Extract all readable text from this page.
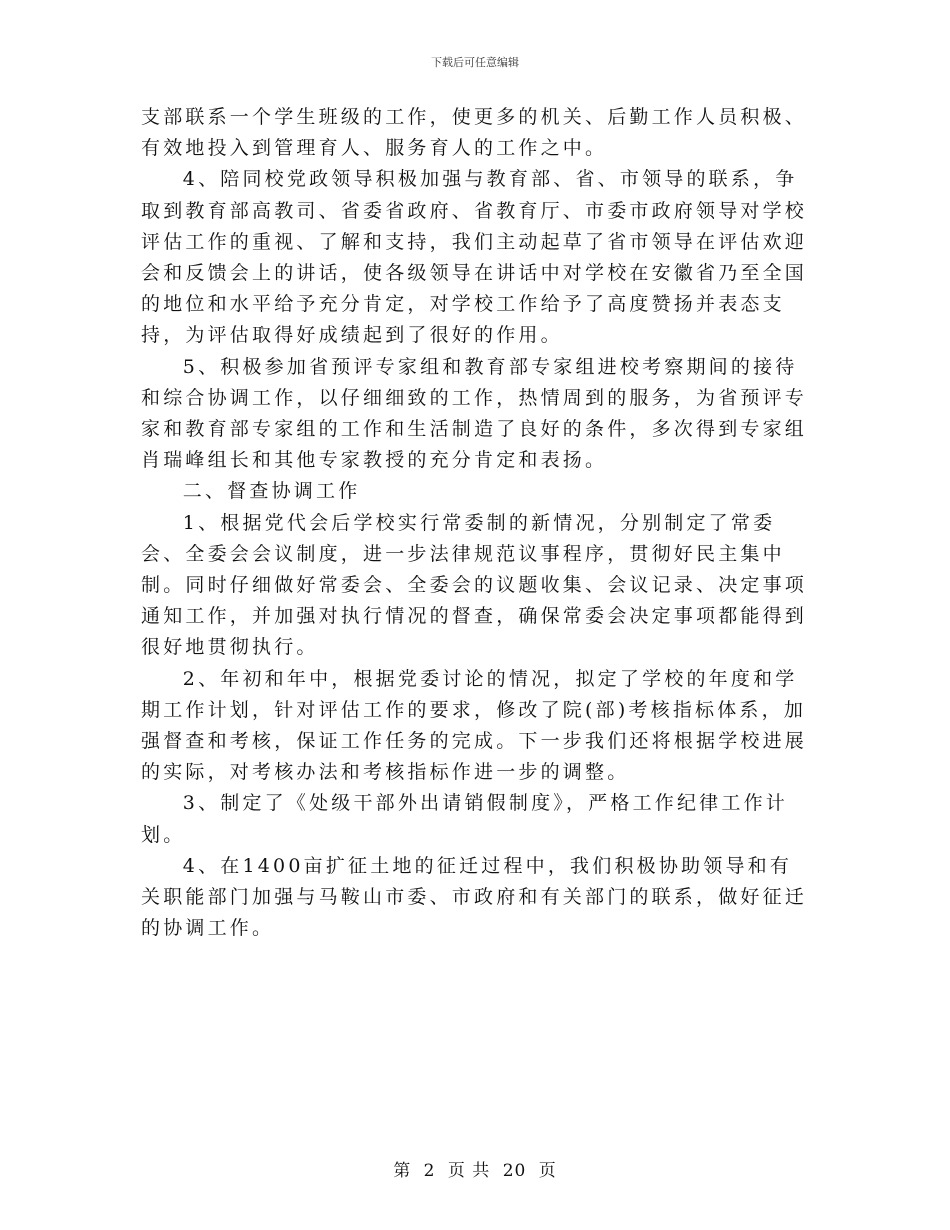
下载后可任意编辑

支部联系一个学生班级的工作，使更多的机关、后勤工作人员积极、有效地投入到管理育人、服务育人的工作之中。

4、陪同校党政领导积极加强与教育部、省、市领导的联系，争取到教育部高教司、省委省政府、省教育厅、市委市政府领导对学校评估工作的重视、了解和支持，我们主动起草了省市领导在评估欢迎会和反馈会上的讲话，使各级领导在讲话中对学校在安徽省乃至全国的地位和水平给予充分肯定，对学校工作给予了高度赞扬并表态支持，为评估取得好成绩起到了很好的作用。

5、积极参加省预评专家组和教育部专家组进校考察期间的接待和综合协调工作，以仔细细致的工作，热情周到的服务，为省预评专家和教育部专家组的工作和生活制造了良好的条件，多次得到专家组肖瑞峰组长和其他专家教授的充分肯定和表扬。

二、督查协调工作

1、根据党代会后学校实行常委制的新情况，分别制定了常委会、全委会会议制度，进一步法律规范议事程序，贯彻好民主集中制。同时仔细做好常委会、全委会的议题收集、会议记录、决定事项通知工作，并加强对执行情况的督查，确保常委会决定事项都能得到很好地贯彻执行。

2、年初和年中，根据党委讨论的情况，拟定了学校的年度和学期工作计划，针对评估工作的要求，修改了院(部)考核指标体系，加强督查和考核，保证工作任务的完成。下一步我们还将根据学校进展的实际，对考核办法和考核指标作进一步的调整。

3、制定了《处级干部外出请销假制度》，严格工作纪律工作计划。

4、在1400亩扩征土地的征迁过程中，我们积极协助领导和有关职能部门加强与马鞍山市委、市政府和有关部门的联系，做好征迁的协调工作。

第 2 页 共 20 页
